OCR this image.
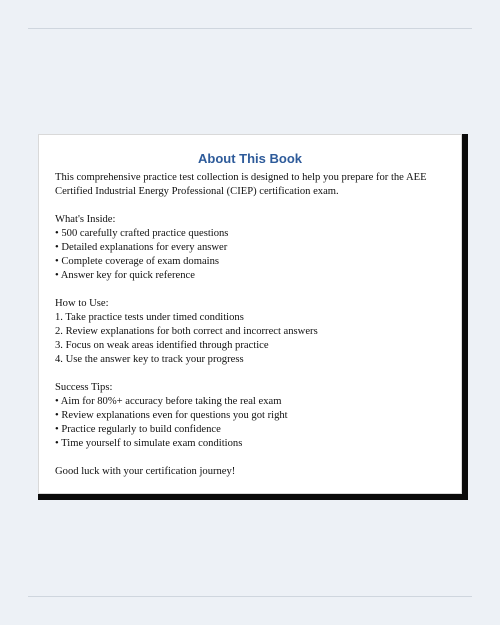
About This Book

This comprehensive practice test collection is designed to help you prepare for the AEE Certified Industrial Energy Professional (CIEP) certification exam.

What's Inside:

• 500 carefully crafted practice questions
• Detailed explanations for every answer
• Complete coverage of exam domains
• Answer key for quick reference

How to Use:

1. Take practice tests under timed conditions
2. Review explanations for both correct and incorrect answers
3. Focus on weak areas identified through practice
4. Use the answer key to track your progress

Success Tips:

• Aim for 80%+ accuracy before taking the real exam
• Review explanations even for questions you got right
• Practice regularly to build confidence
• Time yourself to simulate exam conditions

Good luck with your certification journey!
